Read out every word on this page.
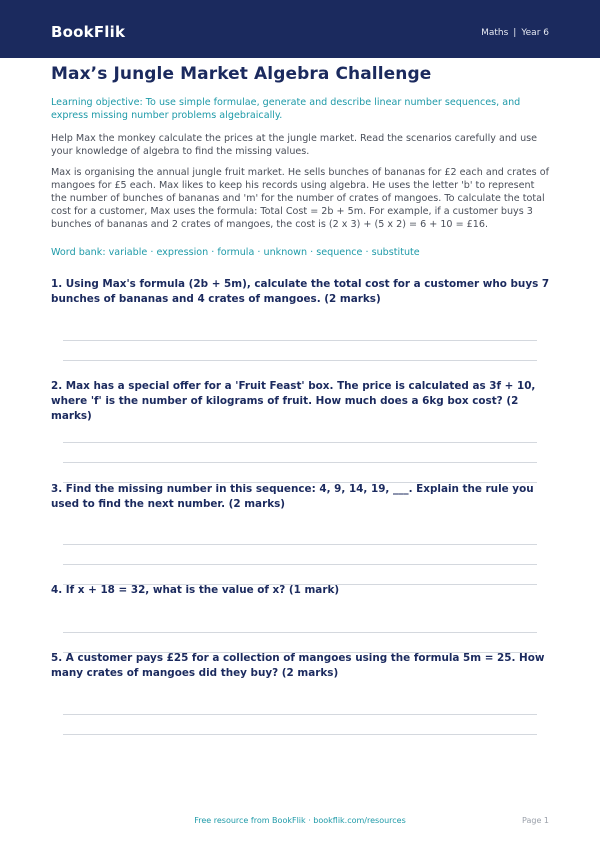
BookFlik	Maths | Year 6
Max’s Jungle Market Algebra Challenge

Learning objective: To use simple formulae, generate and describe linear number sequences, and express missing number problems algebraically.

Help Max the monkey calculate the prices at the jungle market. Read the scenarios carefully and use your knowledge of algebra to find the missing values.

Max is organising the annual jungle fruit market. He sells bunches of bananas for £2 each and crates of mangoes for £5 each. Max likes to keep his records using algebra. He uses the letter 'b' to represent the number of bunches of bananas and 'm' for the number of crates of mangoes. To calculate the total cost for a customer, Max uses the formula: Total Cost = 2b + 5m. For example, if a customer buys 3 bunches of bananas and 2 crates of mangoes, the cost is (2 x 3) + (5 x 2) = 6 + 10 = £16.

Word bank: variable · expression · formula · unknown · sequence · substitute

1. Using Max's formula (2b + 5m), calculate the total cost for a customer who buys 7 bunches of bananas and 4 crates of mangoes. (2 marks)

2. Max has a special offer for a 'Fruit Feast' box. The price is calculated as 3f + 10, where 'f' is the number of kilograms of fruit. How much does a 6kg box cost? (2 marks)

3. Find the missing number in this sequence: 4, 9, 14, 19, ___. Explain the rule you used to find the next number. (2 marks)

4. If x + 18 = 32, what is the value of x? (1 mark)

5. A customer pays £25 for a collection of mangoes using the formula 5m = 25. How many crates of mangoes did they buy? (2 marks)

Free resource from BookFlik · bookflik.com/resources	Page 1
